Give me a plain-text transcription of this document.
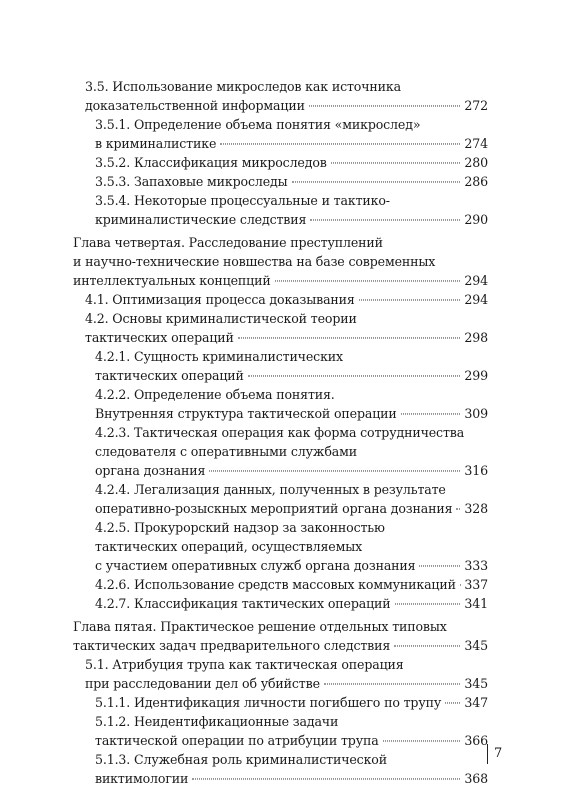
3.5. Использование микроследов как источника
доказательственной информации	272
3.5.1. Определение объема понятия «микрослед»
в криминалистике	274
3.5.2. Классификация микроследов	280
3.5.3. Запаховые микроследы	286
3.5.4. Некоторые процессуальные и тактико-
криминалистические следствия	290
Глава четвертая. Расследование преступлений
и научно-технические новшества на базе современных
интеллектуальных концепций	294
4.1. Оптимизация процесса доказывания	294
4.2. Основы криминалистической теории
тактических операций	298
4.2.1. Сущность криминалистических
тактических операций	299
4.2.2. Определение объема понятия.
Внутренняя структура тактической операции	309
4.2.3. Тактическая операция как форма сотрудничества
следователя с оперативными службами
органа дознания	316
4.2.4. Легализация данных, полученных в результате
оперативно-розыскных мероприятий органа дознания 328
4.2.5. Прокурорский надзор за законностью
тактических операций, осуществляемых
с участием оперативных служб органа дознания	333
4.2.6. Использование средств массовых коммуникаций 337
4.2.7. Классификация тактических операций	341
Глава пятая. Практическое решение отдельных типовых
тактических задач предварительного следствия	345
5.1. Атрибуция трупа как тактическая операция
при расследовании дел об убийстве	345
5.1.1. Идентификация личности погибшего по трупу 347
5.1.2. Неидентификационные задачи
тактической операции по атрибуции трупа	366
5.1.3. Служебная роль криминалистической
виктимологии	368
7
